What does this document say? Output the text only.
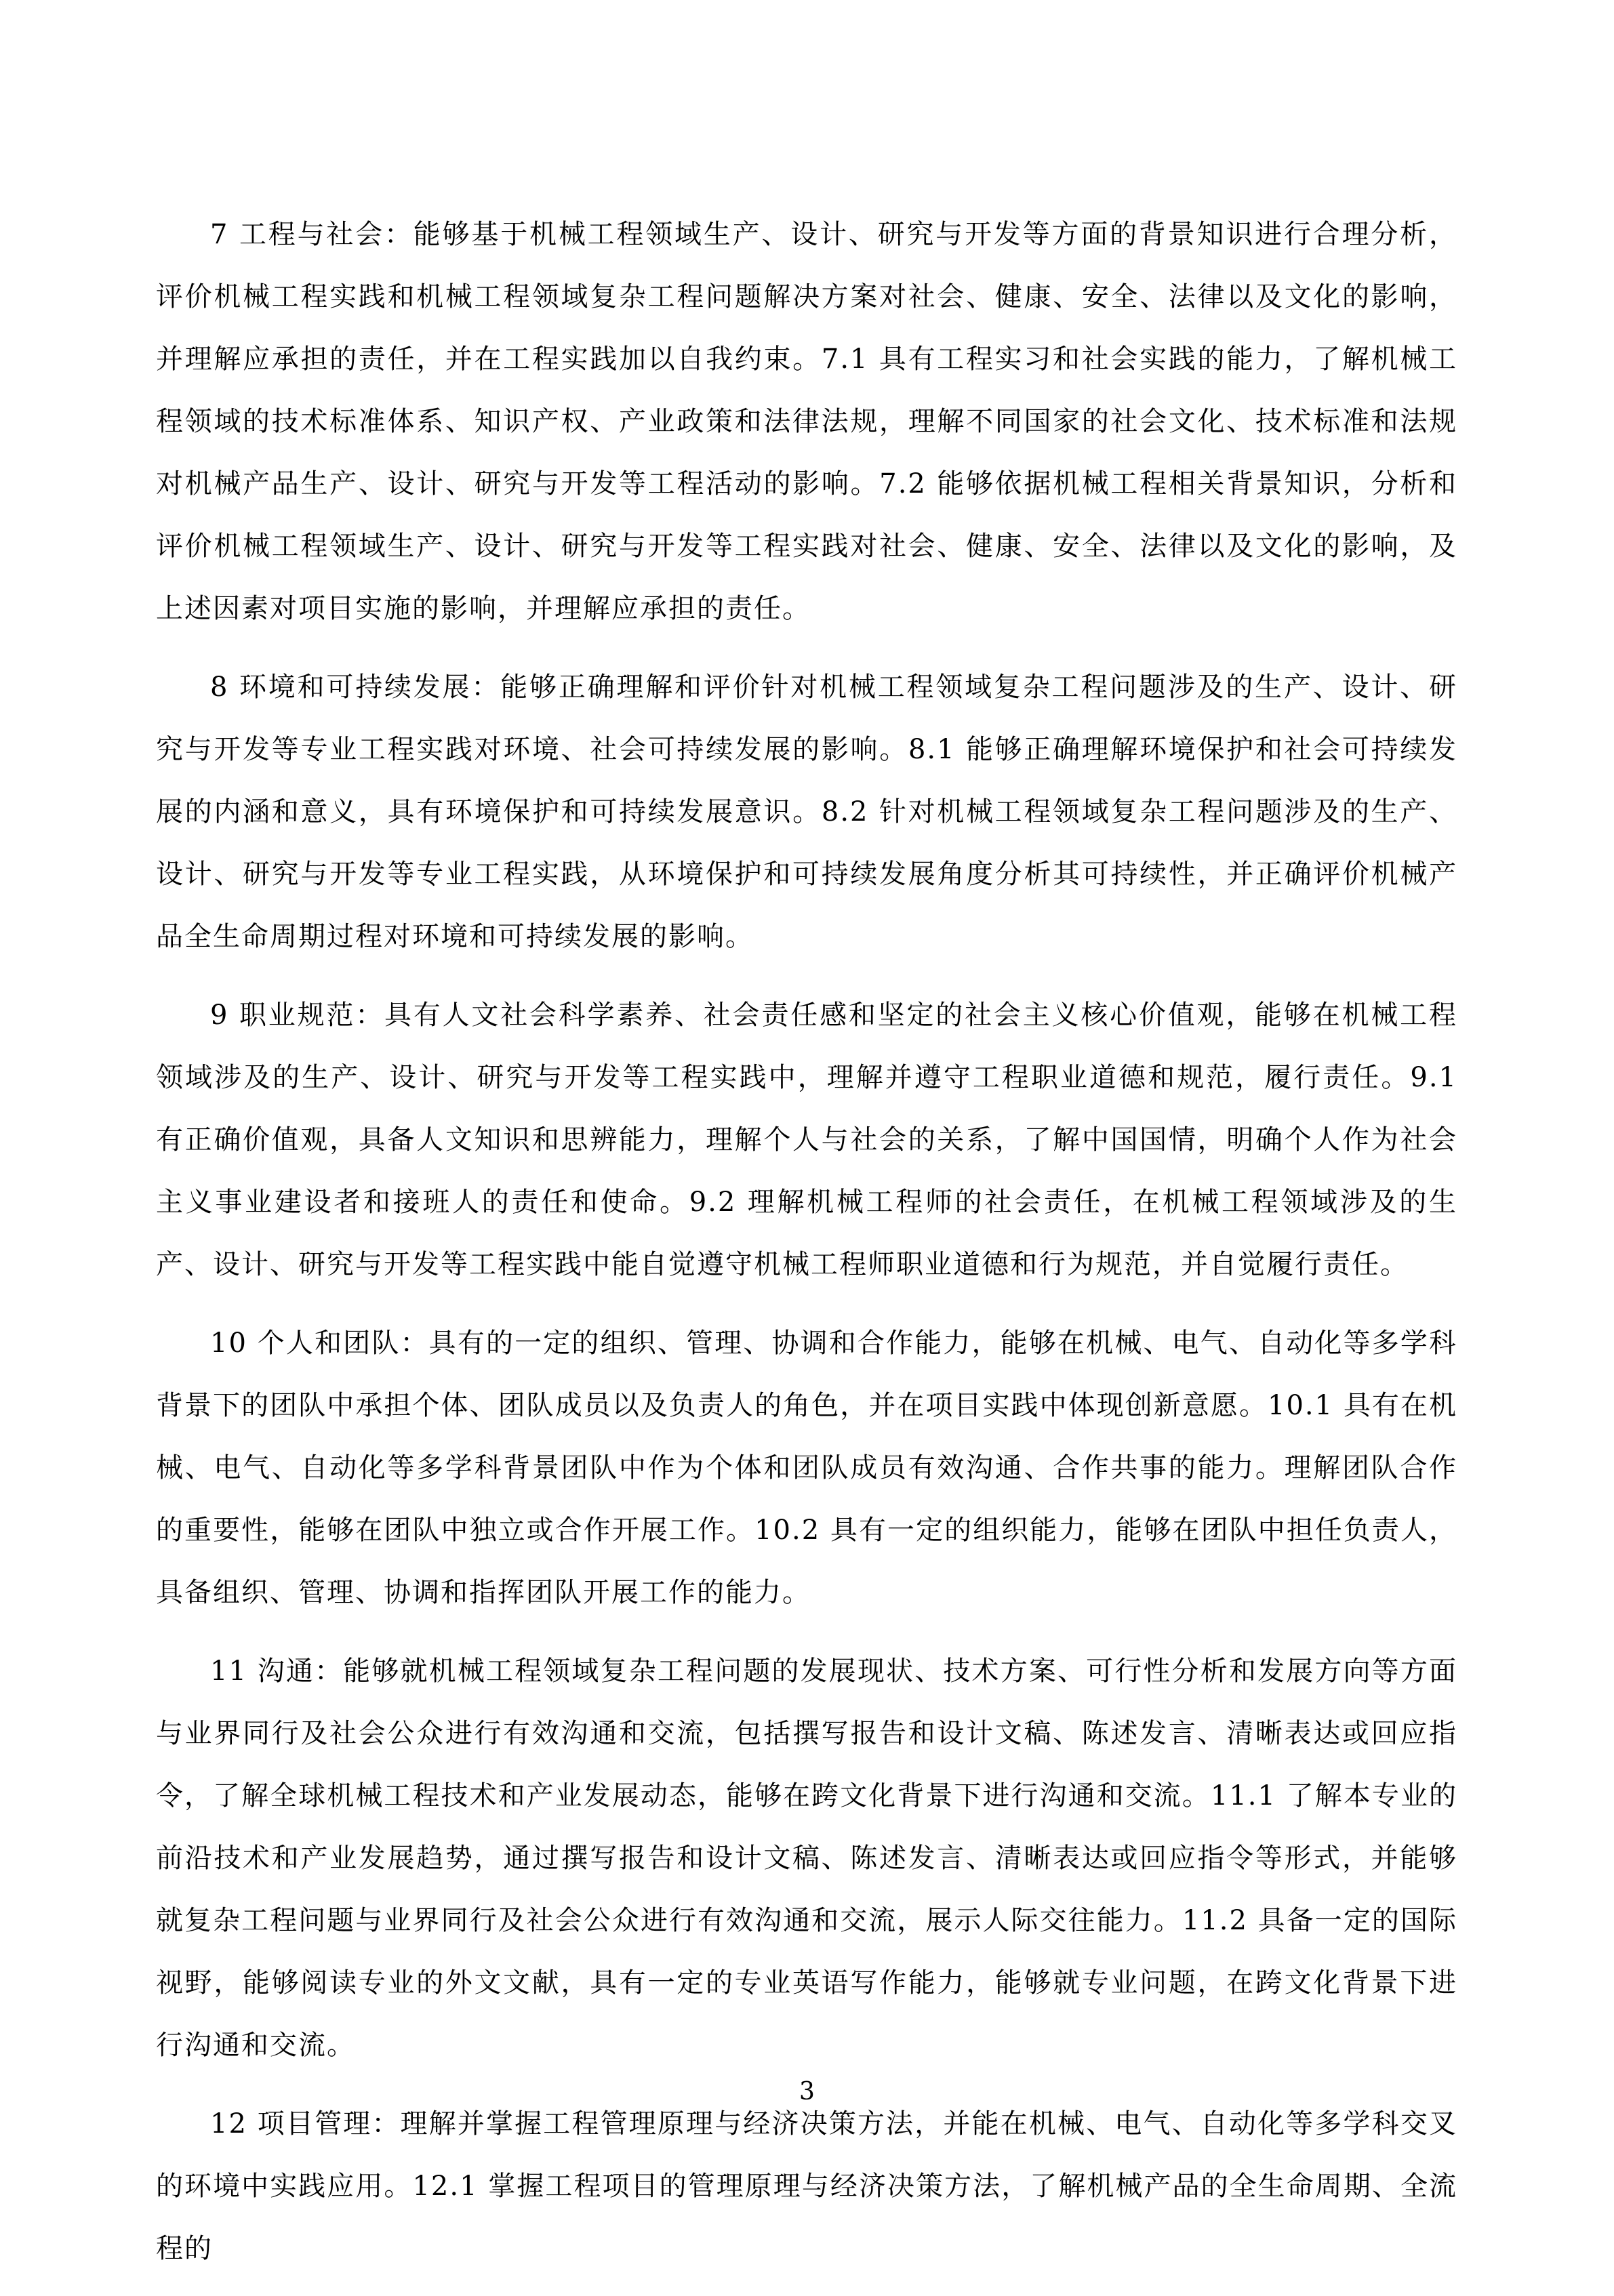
7 工程与社会：能够基于机械工程领域生产、设计、研究与开发等方面的背景知识进行合理分析，评价机械工程实践和机械工程领域复杂工程问题解决方案对社会、健康、安全、法律以及文化的影响，并理解应承担的责任，并在工程实践加以自我约束。7.1 具有工程实习和社会实践的能力，了解机械工程领域的技术标准体系、知识产权、产业政策和法律法规，理解不同国家的社会文化、技术标准和法规对机械产品生产、设计、研究与开发等工程活动的影响。7.2 能够依据机械工程相关背景知识，分析和评价机械工程领域生产、设计、研究与开发等工程实践对社会、健康、安全、法律以及文化的影响，及上述因素对项目实施的影响，并理解应承担的责任。

8 环境和可持续发展：能够正确理解和评价针对机械工程领域复杂工程问题涉及的生产、设计、研究与开发等专业工程实践对环境、社会可持续发展的影响。8.1 能够正确理解环境保护和社会可持续发展的内涵和意义，具有环境保护和可持续发展意识。8.2 针对机械工程领域复杂工程问题涉及的生产、设计、研究与开发等专业工程实践，从环境保护和可持续发展角度分析其可持续性，并正确评价机械产品全生命周期过程对环境和可持续发展的影响。

9 职业规范：具有人文社会科学素养、社会责任感和坚定的社会主义核心价值观，能够在机械工程领域涉及的生产、设计、研究与开发等工程实践中，理解并遵守工程职业道德和规范，履行责任。9.1 有正确价值观，具备人文知识和思辨能力，理解个人与社会的关系，了解中国国情，明确个人作为社会主义事业建设者和接班人的责任和使命。9.2 理解机械工程师的社会责任，在机械工程领域涉及的生产、设计、研究与开发等工程实践中能自觉遵守机械工程师职业道德和行为规范，并自觉履行责任。

10 个人和团队：具有的一定的组织、管理、协调和合作能力，能够在机械、电气、自动化等多学科背景下的团队中承担个体、团队成员以及负责人的角色，并在项目实践中体现创新意愿。10.1 具有在机械、电气、自动化等多学科背景团队中作为个体和团队成员有效沟通、合作共事的能力。理解团队合作的重要性，能够在团队中独立或合作开展工作。10.2 具有一定的组织能力，能够在团队中担任负责人，具备组织、管理、协调和指挥团队开展工作的能力。

11 沟通：能够就机械工程领域复杂工程问题的发展现状、技术方案、可行性分析和发展方向等方面与业界同行及社会公众进行有效沟通和交流，包括撰写报告和设计文稿、陈述发言、清晰表达或回应指令，了解全球机械工程技术和产业发展动态，能够在跨文化背景下进行沟通和交流。11.1 了解本专业的前沿技术和产业发展趋势，通过撰写报告和设计文稿、陈述发言、清晰表达或回应指令等形式，并能够就复杂工程问题与业界同行及社会公众进行有效沟通和交流，展示人际交往能力。11.2 具备一定的国际视野，能够阅读专业的外文文献，具有一定的专业英语写作能力，能够就专业问题，在跨文化背景下进行沟通和交流。

12 项目管理：理解并掌握工程管理原理与经济决策方法，并能在机械、电气、自动化等多学科交叉的环境中实践应用。12.1 掌握工程项目的管理原理与经济决策方法，了解机械产品的全生命周期、全流程的

3
